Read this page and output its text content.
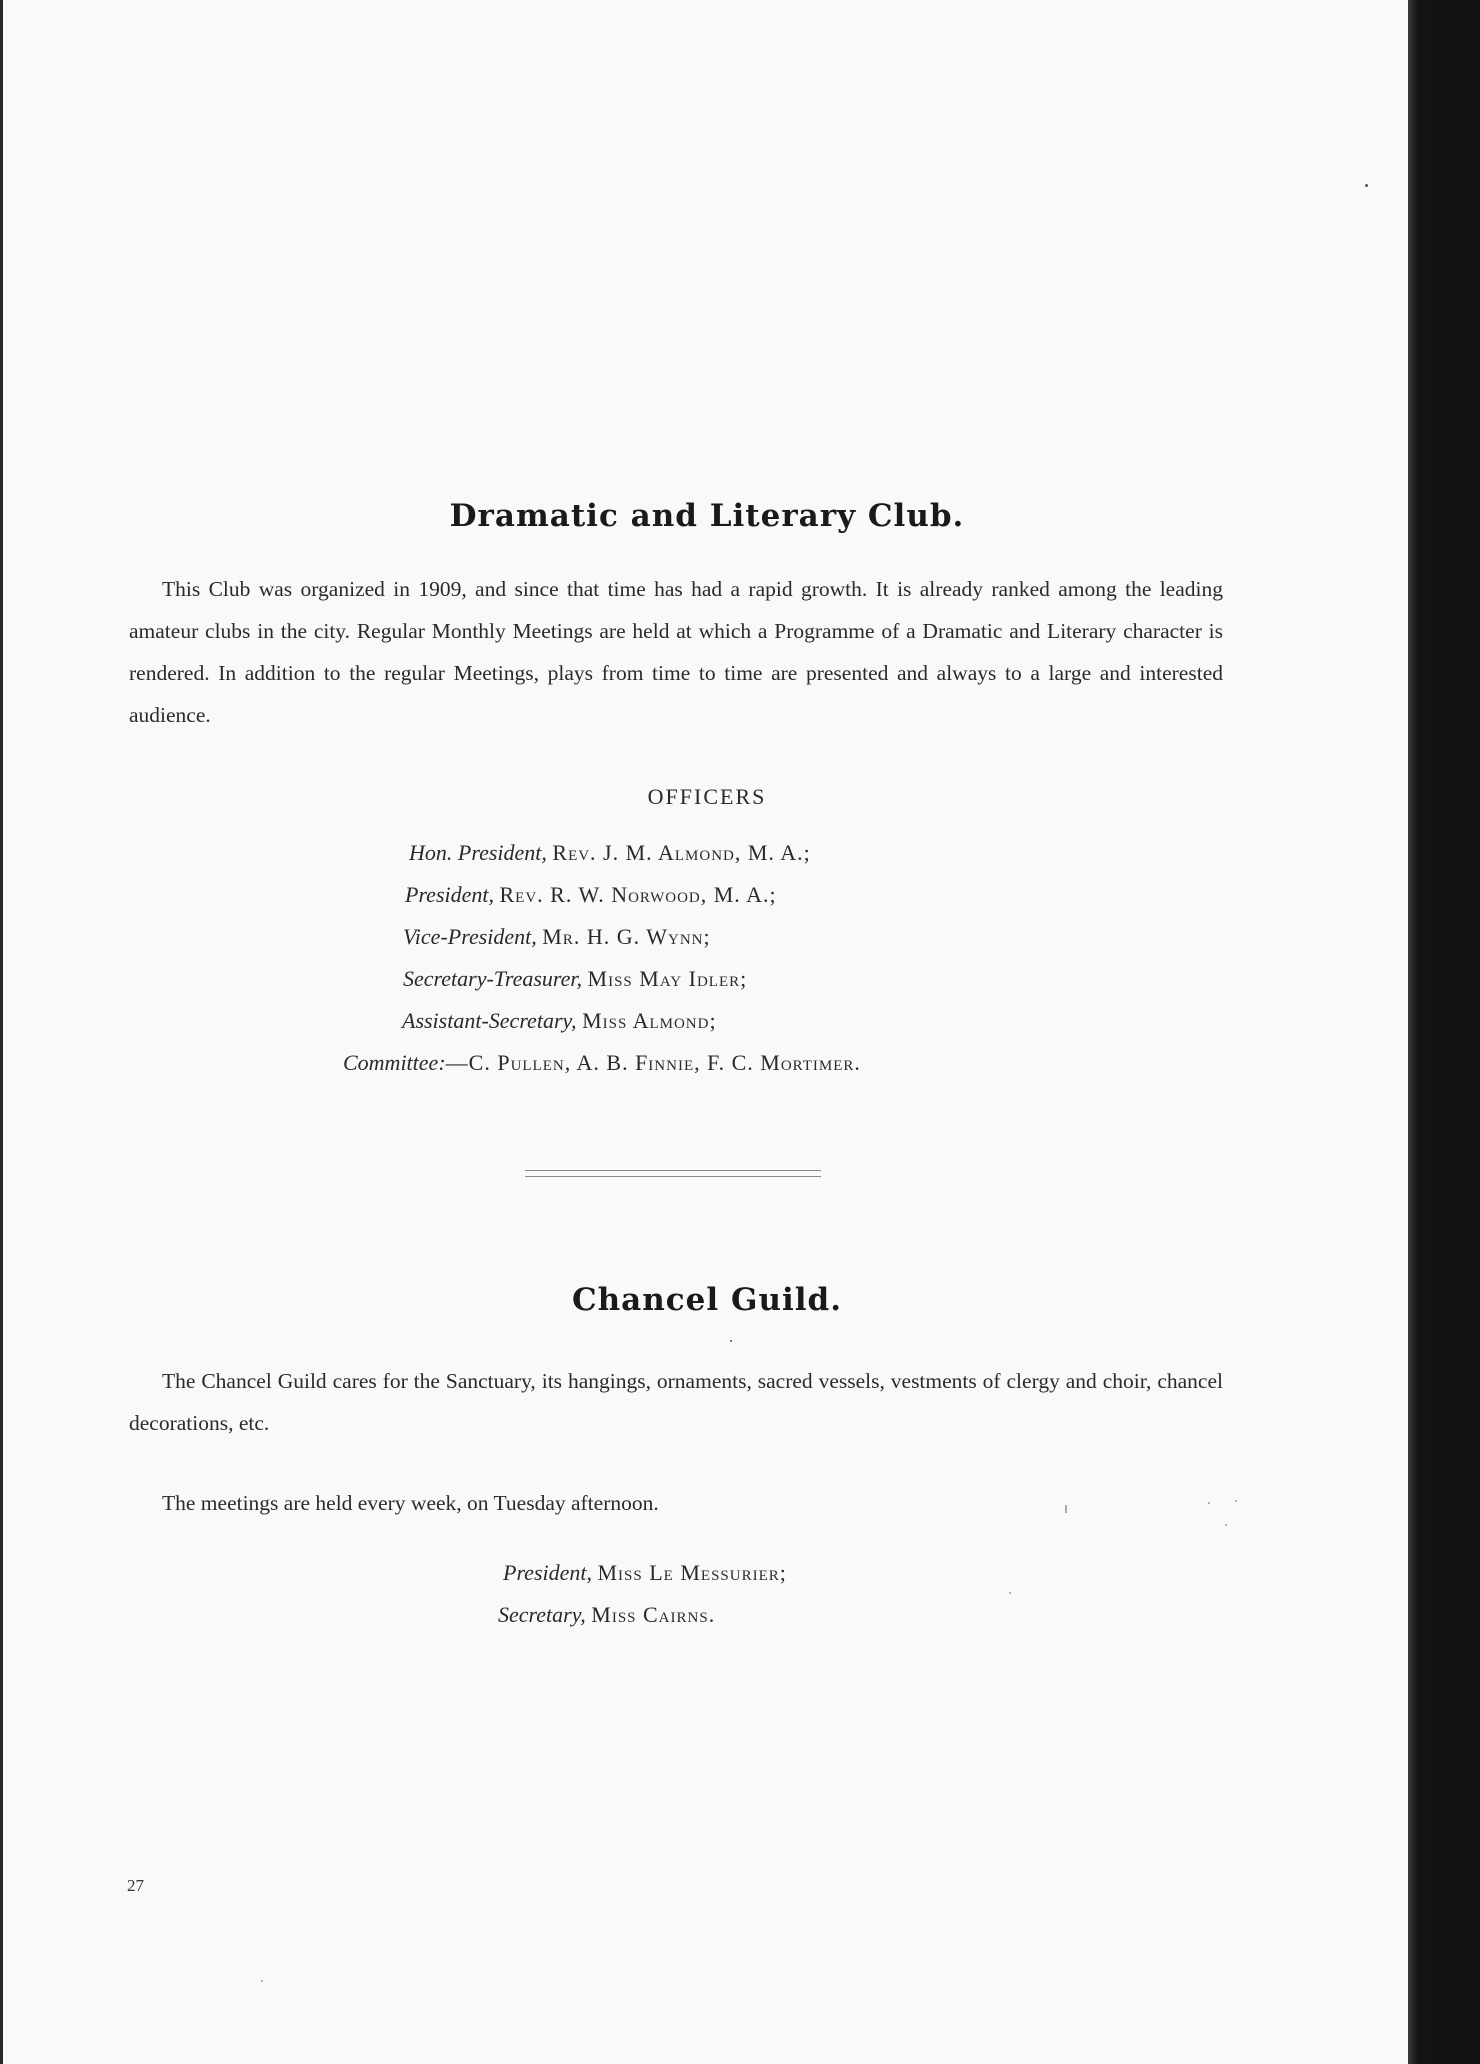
Dramatic and Literary Club.

This Club was organized in 1909, and since that time has had a rapid growth. It is already ranked among the leading amateur clubs in the city. Regular Monthly Meetings are held at which a Programme of a Dramatic and Literary character is rendered. In addition to the regular Meetings, plays from time to time are presented and always to a large and interested audience.

OFFICERS

Hon. President, Rev. J. M. Almond, M. A.;

President, Rev. R. W. Norwood, M. A.;

Vice-President, Mr. H. G. Wynn;

Secretary-Treasurer, Miss May Idler;

Assistant-Secretary, Miss Almond;

Committee:—C. Pullen, A. B. Finnie, F. C. Mortimer.

Chancel Guild.

The Chancel Guild cares for the Sanctuary, its hangings, ornaments, sacred vessels, vestments of clergy and choir, chancel decorations, etc.

The meetings are held every week, on Tuesday afternoon.

President, Miss Le Messurier;

Secretary, Miss Cairns.

27
